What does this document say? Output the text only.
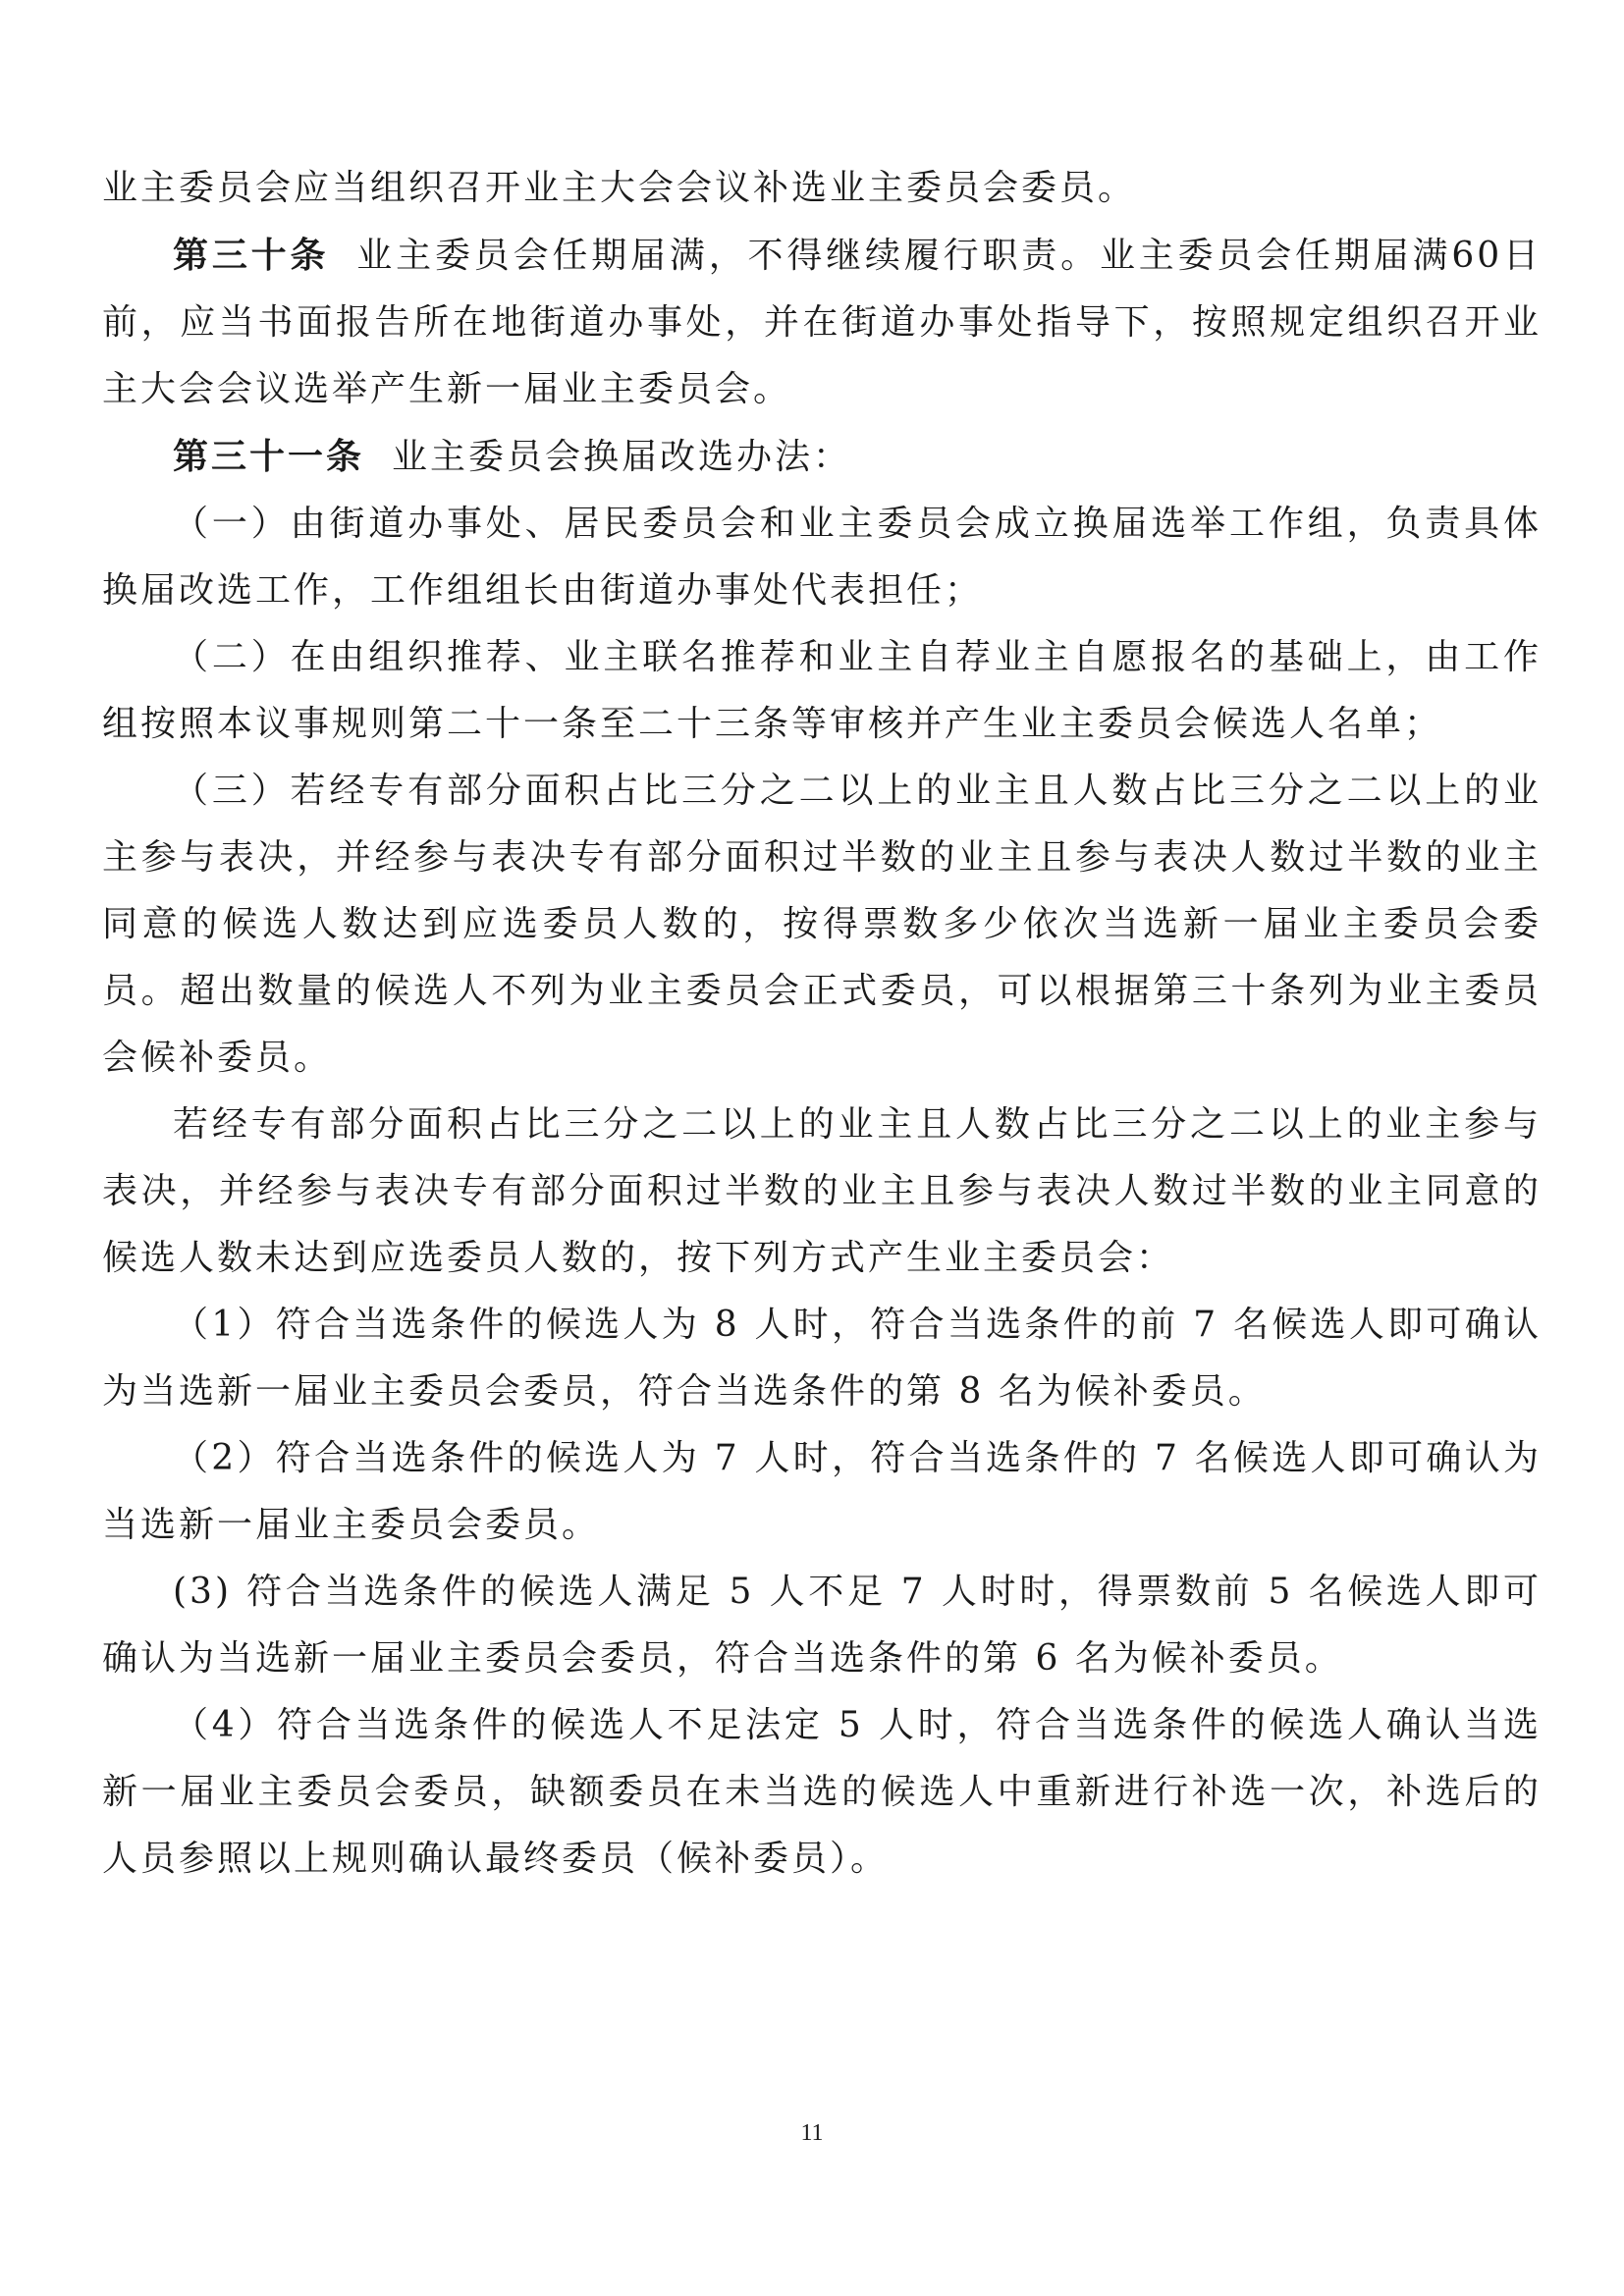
业主委员会应当组织召开业主大会会议补选业主委员会委员。

第三十条 业主委员会任期届满，不得继续履行职责。业主委员会任期届满60日前，应当书面报告所在地街道办事处，并在街道办事处指导下，按照规定组织召开业主大会会议选举产生新一届业主委员会。

第三十一条 业主委员会换届改选办法：

（一）由街道办事处、居民委员会和业主委员会成立换届选举工作组，负责具体换届改选工作，工作组组长由街道办事处代表担任；

（二）在由组织推荐、业主联名推荐和业主自荐业主自愿报名的基础上，由工作组按照本议事规则第二十一条至二十三条等审核并产生业主委员会候选人名单；

（三）若经专有部分面积占比三分之二以上的业主且人数占比三分之二以上的业主参与表决，并经参与表决专有部分面积过半数的业主且参与表决人数过半数的业主同意的候选人数达到应选委员人数的，按得票数多少依次当选新一届业主委员会委员。超出数量的候选人不列为业主委员会正式委员，可以根据第三十条列为业主委员会候补委员。

若经专有部分面积占比三分之二以上的业主且人数占比三分之二以上的业主参与表决，并经参与表决专有部分面积过半数的业主且参与表决人数过半数的业主同意的候选人数未达到应选委员人数的，按下列方式产生业主委员会：

（1）符合当选条件的候选人为 8 人时，符合当选条件的前 7 名候选人即可确认为当选新一届业主委员会委员，符合当选条件的第 8 名为候补委员。

（2）符合当选条件的候选人为 7 人时，符合当选条件的 7 名候选人即可确认为当选新一届业主委员会委员。

(3) 符合当选条件的候选人满足 5 人不足 7 人时时，得票数前 5 名候选人即可确认为当选新一届业主委员会委员，符合当选条件的第 6 名为候补委员。

（4）符合当选条件的候选人不足法定 5 人时，符合当选条件的候选人确认当选新一届业主委员会委员，缺额委员在未当选的候选人中重新进行补选一次，补选后的人员参照以上规则确认最终委员（候补委员）。

11
